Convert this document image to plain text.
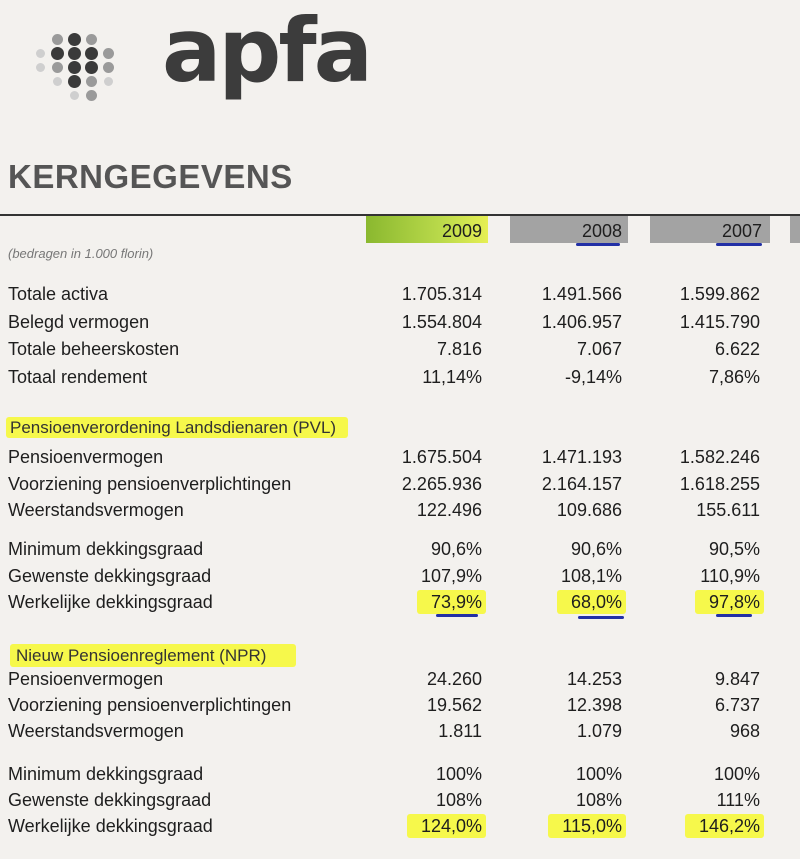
apfa
KERNGEGEVENS
2009	2008	2007
(bedragen in 1.000 florin)
Totale activa	1.705.314	1.491.566	1.599.862
Belegd vermogen	1.554.804	1.406.957	1.415.790
Totale beheerskosten	7.816	7.067	6.622
Totaal rendement	11,14%	-9,14%	7,86%
Pensioenverordening Landsdienaren (PVL)
Pensioenvermogen	1.675.504	1.471.193	1.582.246
Voorziening pensioenverplichtingen	2.265.936	2.164.157	1.618.255
Weerstandsvermogen	122.496	109.686	155.611
Minimum dekkingsgraad	90,6%	90,6%	90,5%
Gewenste dekkingsgraad	107,9%	108,1%	110,9%
Werkelijke dekkingsgraad	73,9%	68,0%	97,8%
Nieuw Pensioenreglement (NPR)
Pensioenvermogen	24.260	14.253	9.847
Voorziening pensioenverplichtingen	19.562	12.398	6.737
Weerstandsvermogen	1.811	1.079	968
Minimum dekkingsgraad	100%	100%	100%
Gewenste dekkingsgraad	108%	108%	111%
Werkelijke dekkingsgraad	124,0%	115,0%	146,2%
